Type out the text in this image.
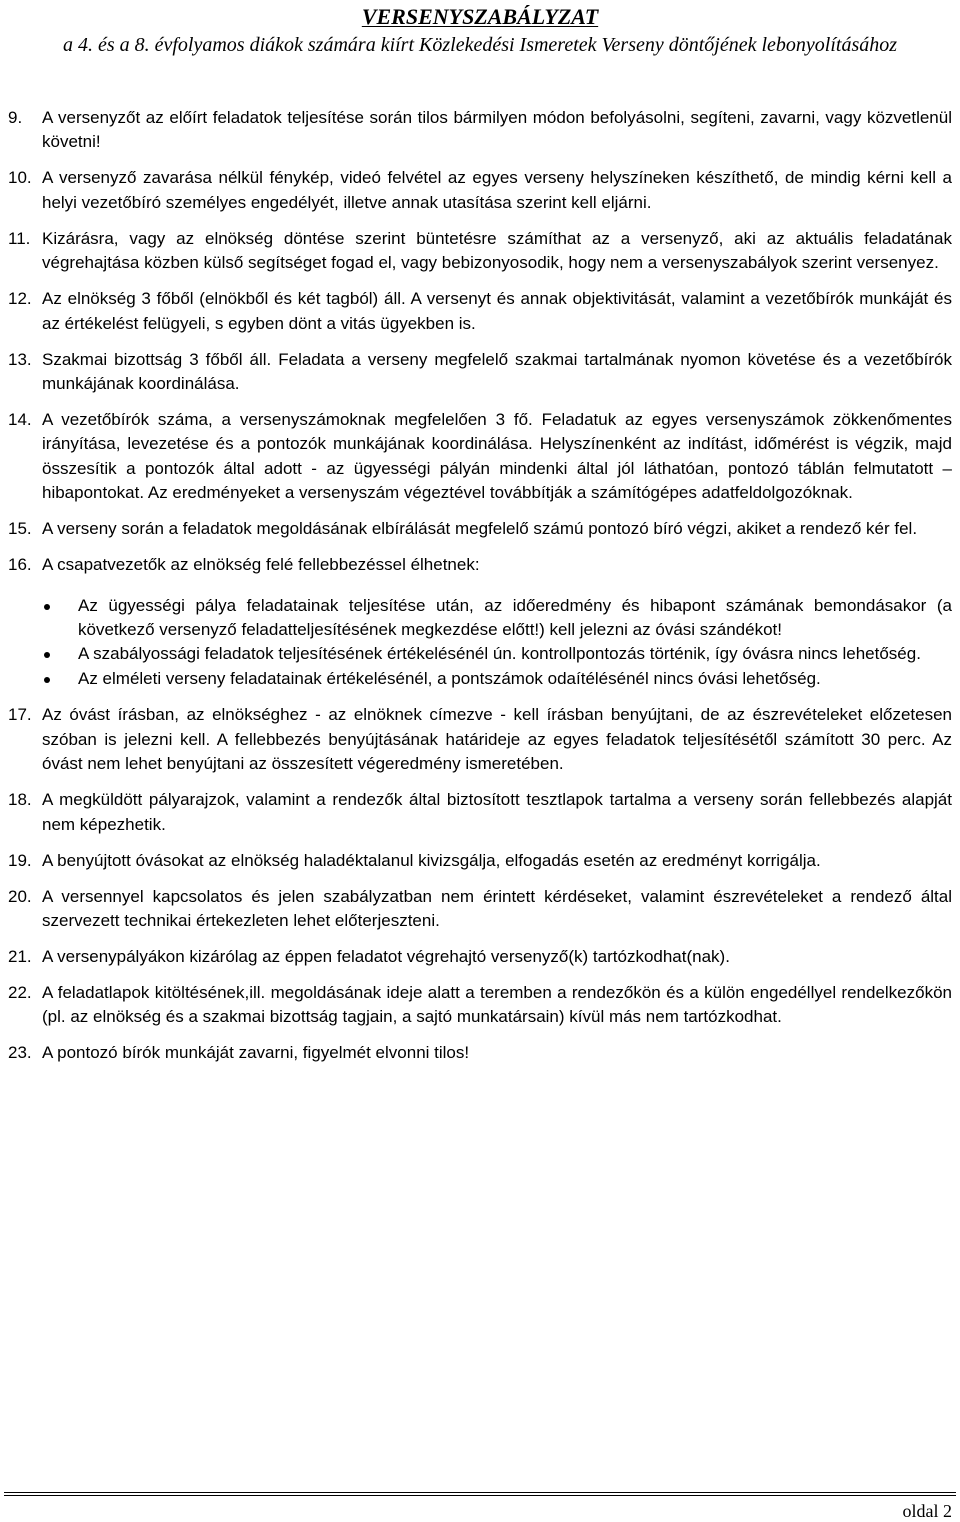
VERSENYSZABÁLYZAT
a 4. és a 8. évfolyamos diákok számára kiírt Közlekedési Ismeretek Verseny döntőjének lebonyolításához
9. A versenyzőt az előírt feladatok teljesítése során tilos bármilyen módon befolyásolni, segíteni, zavarni, vagy közvetlenül követni!
10. A versenyző zavarása nélkül fénykép, videó felvétel az egyes verseny helyszíneken készíthető, de mindig kérni kell a helyi vezetőbíró személyes engedélyét, illetve annak utasítása szerint kell eljárni.
11. Kizárásra, vagy az elnökség döntése szerint büntetésre számíthat az a versenyző, aki az aktuális feladatának végrehajtása közben külső segítséget fogad el, vagy bebizonyosodik, hogy nem a versenyszabályok szerint versenyez.
12. Az elnökség 3 főből (elnökből és két tagból) áll. A versenyt és annak objektivitását, valamint a vezetőbírók munkáját és az értékelést felügyeli, s egyben dönt a vitás ügyekben is.
13. Szakmai bizottság 3 főből áll. Feladata a verseny megfelelő szakmai tartalmának nyomon követése és a vezetőbírók munkájának koordinálása.
14. A vezetőbírók száma, a versenyszámoknak megfelelően 3 fő. Feladatuk az egyes versenyszámok zökkenőmentes irányítása, levezetése és a pontozók munkájának koordinálása. Helyszínenként az indítást, időmérést is végzik, majd összesítik a pontozók által adott - az ügyességi pályán mindenki által jól láthatóan, pontozó táblán felmutatott – hibapontokat. Az eredményeket a versenyszám végeztével továbbítják a számítógépes adatfeldolgozóknak.
15. A verseny során a feladatok megoldásának elbírálását megfelelő számú pontozó bíró végzi, akiket a rendező kér fel.
16. A csapatvezetők az elnökség felé fellebbezéssel élhetnek:
Az ügyességi pálya feladatainak teljesítése után, az időeredmény és hibapont számának bemondásakor (a következő versenyző feladatteljesítésének megkezdése előtt!) kell jelezni az óvási szándékot!
A szabályossági feladatok teljesítésének értékelésénél ún. kontrollpontozás történik, így óvásra nincs lehetőség.
Az elméleti verseny feladatainak értékelésénél, a pontszámok odaítélésénél nincs óvási lehetőség.
17. Az óvást írásban, az elnökséghez - az elnöknek címezve - kell írásban benyújtani, de az észrevételeket előzetesen szóban is jelezni kell. A fellebbezés benyújtásának határideje az egyes feladatok teljesítésétől számított 30 perc. Az óvást nem lehet benyújtani az összesített végeredmény ismeretében.
18. A megküldött pályarajzok, valamint a rendezők által biztosított tesztlapok tartalma a verseny során fellebbezés alapját nem képezhetik.
19. A benyújtott óvásokat az elnökség haladéktalanul kivizsgálja, elfogadás esetén az eredményt korrigálja.
20. A versennyel kapcsolatos és jelen szabályzatban nem érintett kérdéseket, valamint észrevételeket a rendező által szervezett technikai értekezleten lehet előterjeszteni.
21. A versenypályákon kizárólag az éppen feladatot végrehajtó versenyző(k) tartózkodhat(nak).
22. A feladatlapok kitöltésének,ill. megoldásának ideje alatt a teremben a rendezőkön és a külön engedéllyel rendelkezőkön (pl. az elnökség és a szakmai bizottság tagjain, a sajtó munkatársain) kívül más nem tartózkodhat.
23. A pontozó bírók munkáját zavarni, figyelmét elvonni tilos!
oldal 2
